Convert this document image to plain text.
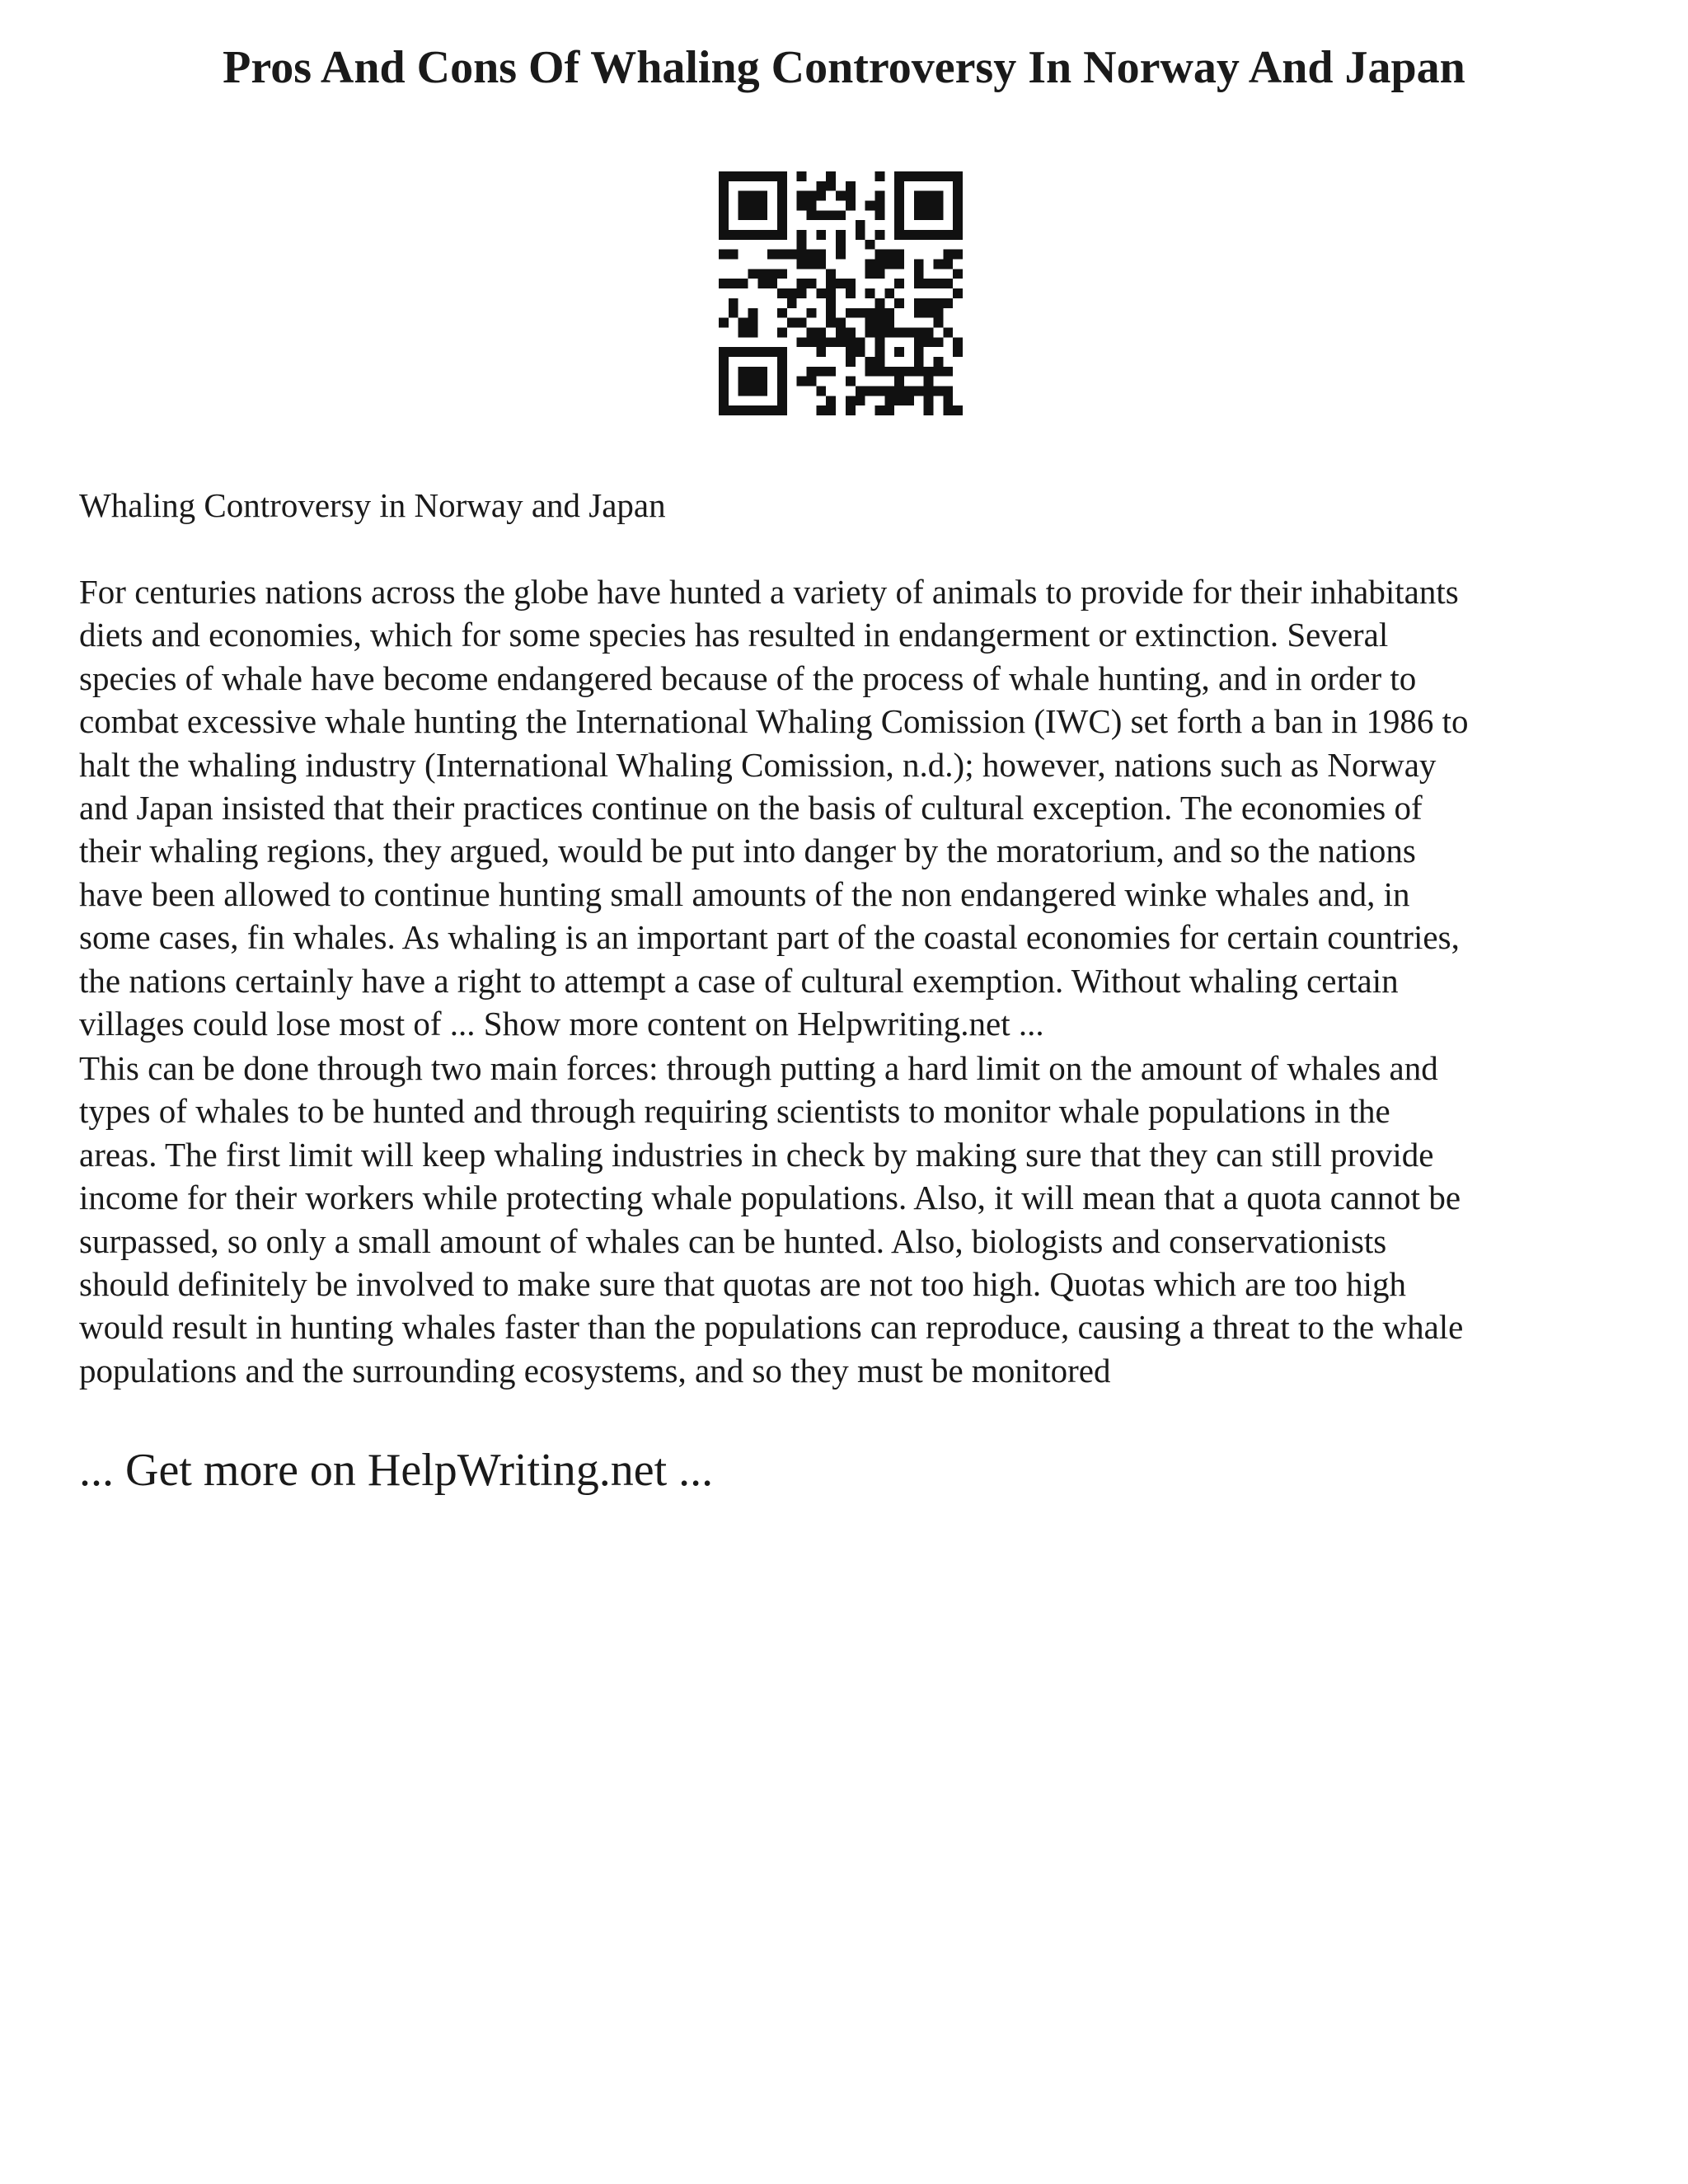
Pros And Cons Of Whaling Controversy In Norway And Japan

Whaling Controversy in Norway and Japan

For centuries nations across the globe have hunted a variety of animals to provide for their inhabitants
diets and economies, which for some species has resulted in endangerment or extinction. Several
species of whale have become endangered because of the process of whale hunting, and in order to
combat excessive whale hunting the International Whaling Comission (IWC) set forth a ban in 1986 to
halt the whaling industry (International Whaling Comission, n.d.); however, nations such as Norway
and Japan insisted that their practices continue on the basis of cultural exception. The economies of
their whaling regions, they argued, would be put into danger by the moratorium, and so the nations
have been allowed to continue hunting small amounts of the non endangered winke whales and, in
some cases, fin whales. As whaling is an important part of the coastal economies for certain countries,
the nations certainly have a right to attempt a case of cultural exemption. Without whaling certain
villages could lose most of ... Show more content on Helpwriting.net ...
This can be done through two main forces: through putting a hard limit on the amount of whales and
types of whales to be hunted and through requiring scientists to monitor whale populations in the
areas. The first limit will keep whaling industries in check by making sure that they can still provide
income for their workers while protecting whale populations. Also, it will mean that a quota cannot be
surpassed, so only a small amount of whales can be hunted. Also, biologists and conservationists
should definitely be involved to make sure that quotas are not too high. Quotas which are too high
would result in hunting whales faster than the populations can reproduce, causing a threat to the whale
populations and the surrounding ecosystems, and so they must be monitored

... Get more on HelpWriting.net ...
